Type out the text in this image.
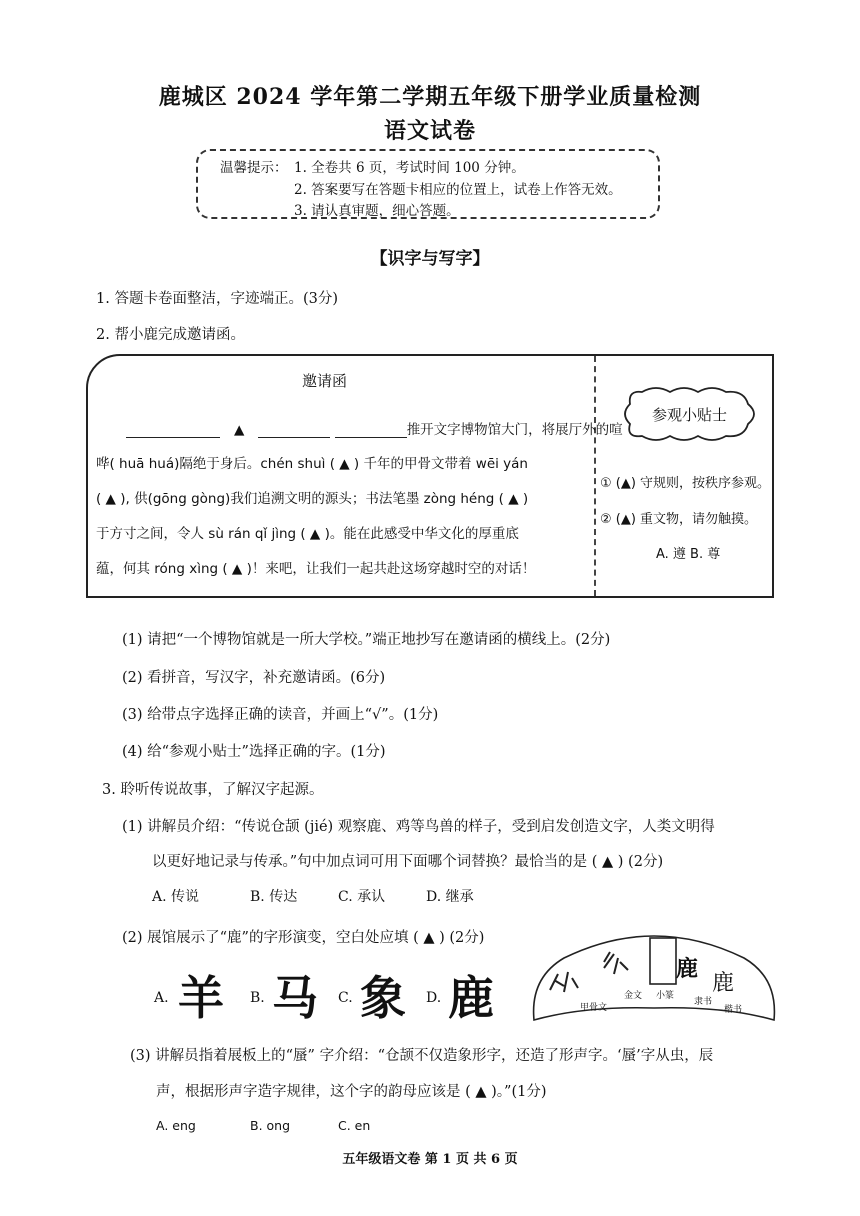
鹿城区 2024 学年第二学期五年级下册学业质量检测
语文试卷
温馨提示： 1. 全卷共 6 页，考试时间 100 分钟。
2. 答案要写在答题卡相应的位置上，试卷上作答无效。
3. 请认真审题，细心答题。
【识字与写字】
1. 答题卡卷面整洁，字迹端正。(3分)
2. 帮小鹿完成邀请函。
邀请函
▲	推开文字博物馆大门，将展厅外的喧
哗( huā huá)隔绝于身后。chén shuì ( ▲ ) 千年的甲骨文带着 wēi yán
( ▲ ), 供(gōng gòng)我们追溯文明的源头；书法笔墨 zòng héng ( ▲ )
于方寸之间，令人 sù rán qǐ jìng ( ▲ )。能在此感受中华文化的厚重底
蕴，何其 róng xìng ( ▲ )！来吧，让我们一起共赴这场穿越时空的对话！
参观小贴士
① (▲) 守规则，按秩序参观。
② (▲) 重文物，请勿触摸。
A. 遵 B. 尊
(1) 请把“一个博物馆就是一所大学校。”端正地抄写在邀请函的横线上。(2分)
(2) 看拼音，写汉字，补充邀请函。(6分)
(3) 给带点字选择正确的读音，并画上“√”。(1分)
(4) 给“参观小贴士”选择正确的字。(1分)
3. 聆听传说故事，了解汉字起源。
(1) 讲解员介绍：“传说仓颉 (jié) 观察鹿、鸡等鸟兽的样子，受到启发创造文字，人类文明得
以更好地记录与传承。”句中加点词可用下面哪个词替换？最恰当的是 ( ▲ ) (2分)
A. 传说	B. 传达	C. 承认	D. 继承
(2) 展馆展示了“鹿”的字形演变，空白处应填 ( ▲ ) (2分)
A. 羊 B. 马 C. 象 D. 鹿
鹿
鹿
甲骨文
金文 小篆
隶书
楷书
(3) 讲解员指着展板上的“蜃” 字介绍：“仓颉不仅造象形字，还造了形声字。‘蜃’字从虫，辰
声，根据形声字造字规律，这个字的韵母应该是 ( ▲ )。”(1分)
A. eng	B. ong	C. en
五年级语文卷 第 1 页 共 6 页
